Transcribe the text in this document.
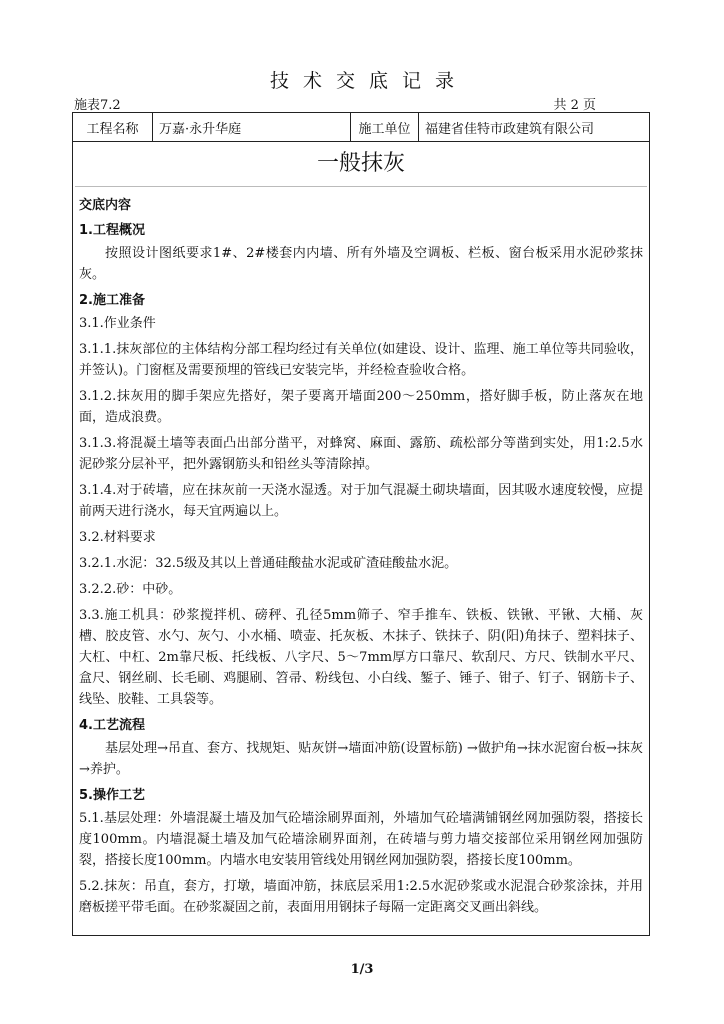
技术交底记录
施表7.2	共 2 页
工程名称	万嘉·永升华庭	施工单位	福建省佳特市政建筑有限公司
一般抹灰
交底内容
1.工程概况
按照设计图纸要求1#、2#楼套内内墙、所有外墙及空调板、栏板、窗台板采用水泥砂浆抹灰。
2.施工准备
3.1.作业条件
3.1.1.抹灰部位的主体结构分部工程均经过有关单位(如建设、设计、监理、施工单位等共同验收，并签认)。门窗框及需要预埋的管线已安装完毕，并经检查验收合格。
3.1.2.抹灰用的脚手架应先搭好，架子要离开墙面200～250mm，搭好脚手板，防止落灰在地面，造成浪费。
3.1.3.将混凝土墙等表面凸出部分凿平，对蜂窝、麻面、露筋、疏松部分等凿到实处，用1:2.5水泥砂浆分层补平，把外露钢筋头和铅丝头等清除掉。
3.1.4.对于砖墙，应在抹灰前一天浇水湿透。对于加气混凝土砌块墙面，因其吸水速度较慢，应提前两天进行浇水，每天宜两遍以上。
3.2.材料要求
3.2.1.水泥：32.5级及其以上普通硅酸盐水泥或矿渣硅酸盐水泥。
3.2.2.砂：中砂。
3.3.施工机具：砂浆搅拌机、磅秤、孔径5mm筛子、窄手推车、铁板、铁锹、平锹、大桶、灰槽、胶皮管、水勺、灰勺、小水桶、喷壶、托灰板、木抹子、铁抹子、阴(阳)角抹子、塑料抹子、大杠、中杠、2m靠尺板、托线板、八字尺、5～7mm厚方口靠尺、软刮尺、方尺、铁制水平尺、盒尺、钢丝刷、长毛刷、鸡腿刷、笤帚、粉线包、小白线、錾子、锤子、钳子、钉子、钢筋卡子、线坠、胶鞋、工具袋等。
4.工艺流程
基层处理→吊直、套方、找规矩、贴灰饼→墙面冲筋(设置标筋) →做护角→抹水泥窗台板→抹灰→养护。
5.操作工艺
5.1.基层处理：外墙混凝土墙及加气砼墙涂刷界面剂，外墙加气砼墙满铺钢丝网加强防裂，搭接长度100mm。内墙混凝土墙及加气砼墙涂刷界面剂，在砖墙与剪力墙交接部位采用钢丝网加强防裂，搭接长度100mm。内墙水电安装用管线处用钢丝网加强防裂，搭接长度100mm。
5.2.抹灰：吊直，套方，打墩，墙面冲筋，抹底层采用1:2.5水泥砂浆或水泥混合砂浆涂抹，并用磨板搓平带毛面。在砂浆凝固之前，表面用用钢抹子每隔一定距离交叉画出斜线。
1/3
